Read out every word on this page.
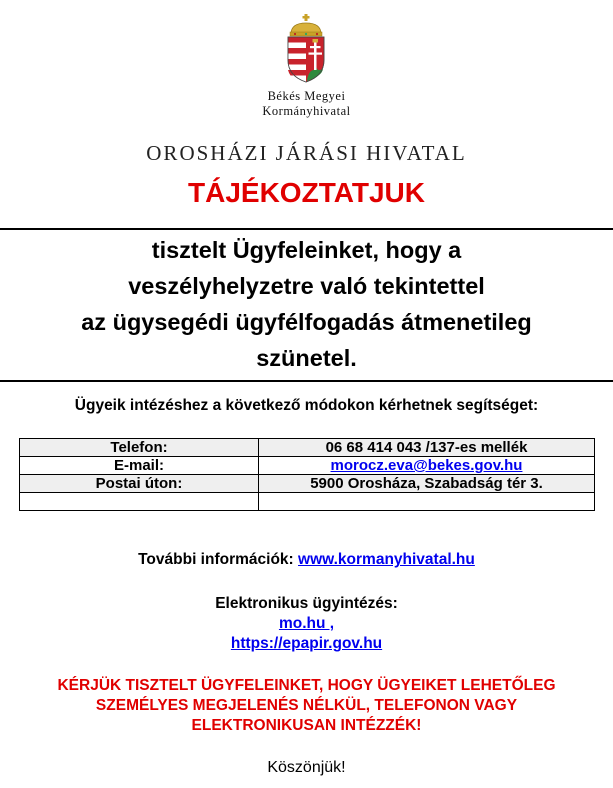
Békés Megyei
Kormányhivatal
OROSHÁZI JÁRÁSI HIVATAL
TÁJÉKOZTATJUK
tisztelt Ügyfeleinket, hogy a
veszélyhelyzetre való tekintettel
az ügysegédi ügyfélfogadás átmenetileg
szünetel.
Ügyeik intézéshez a következő módokon kérhetnek segítséget:
Telefon:	06 68 414 043 /137-es mellék
E-mail:	morocz.eva@bekes.gov.hu
Postai úton:	5900 Orosháza, Szabadság tér 3.

További információk: www.kormanyhivatal.hu
Elektronikus ügyintézés:
mo.hu ,
https://epapir.gov.hu
KÉRJÜK TISZTELT ÜGYFELEINKET, HOGY ÜGYEIKET LEHETŐLEG
SZEMÉLYES MEGJELENÉS NÉLKÜL, TELEFONON VAGY
ELEKTRONIKUSAN INTÉZZÉK!
Köszönjük!
